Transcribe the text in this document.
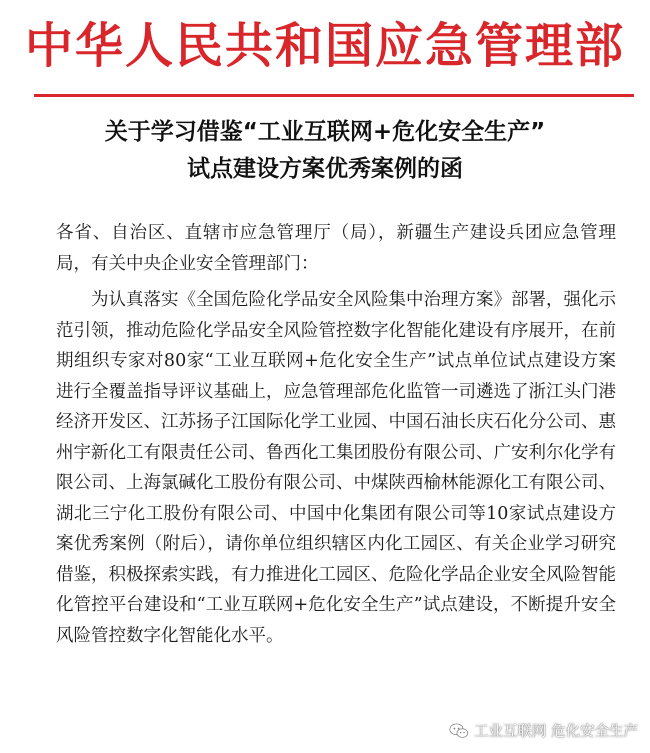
中华人民共和国应急管理部
关于学习借鉴“工业互联网+危化安全生产”
试点建设方案优秀案例的函
各省、自治区、直辖市应急管理厅（局），新疆生产建设兵团应急管理局，有关中央企业安全管理部门：
为认真落实《全国危险化学品安全风险集中治理方案》部署，强化示范引领，推动危险化学品安全风险管控数字化智能化建设有序展开，在前期组织专家对80家“工业互联网+危化安全生产”试点单位试点建设方案进行全覆盖指导评议基础上，应急管理部危化监管一司遴选了浙江头门港经济开发区、江苏扬子江国际化学工业园、中国石油长庆石化分公司、惠州宇新化工有限责任公司、鲁西化工集团股份有限公司、广安利尔化学有限公司、上海氯碱化工股份有限公司、中煤陕西榆林能源化工有限公司、湖北三宁化工股份有限公司、中国中化集团有限公司等10家试点建设方案优秀案例（附后），请你单位组织辖区内化工园区、有关企业学习研究借鉴，积极探索实践，有力推进化工园区、危险化学品企业安全风险智能化管控平台建设和“工业互联网+危化安全生产”试点建设，不断提升安全风险管控数字化智能化水平。
工业互联网 危化安全生产
